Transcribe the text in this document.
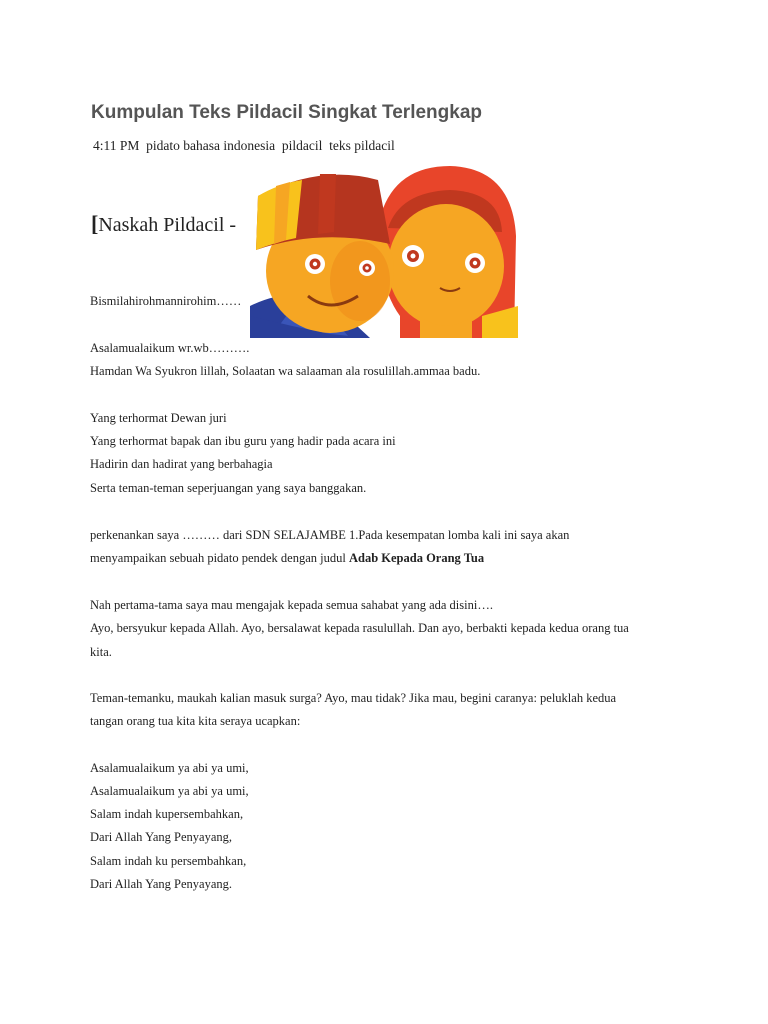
Kumpulan Teks Pildacil Singkat Terlengkap
4:11 PM pidato bahasa indonesia pildacil teks pildacil
[Naskah Pildacil -
Bismilahirohmannirohim……
Asalamualaikum wr.wb……….
Hamdan Wa Syukron lillah, Solaatan wa salaaman ala rosulillah.ammaa badu.
Yang terhormat Dewan juri
Yang terhormat bapak dan ibu guru yang hadir pada acara ini
Hadirin dan hadirat yang berbahagia
Serta teman-teman seperjuangan yang saya banggakan.
perkenankan saya ……… dari SDN SELAJAMBE 1.Pada kesempatan lomba kali ini saya akan
menyampaikan sebuah pidato pendek dengan judul Adab Kepada Orang Tua
Nah pertama-tama saya mau mengajak kepada semua sahabat yang ada disini….
Ayo, bersyukur kepada Allah. Ayo, bersalawat kepada rasulullah. Dan ayo, berbakti kepada kedua orang tua
kita.
Teman-temanku, maukah kalian masuk surga? Ayo, mau tidak? Jika mau, begini caranya: peluklah kedua
tangan orang tua kita kita seraya ucapkan:
Asalamualaikum ya abi ya umi,
Asalamualaikum ya abi ya umi,
Salam indah kupersembahkan,
Dari Allah Yang Penyayang,
Salam indah ku persembahkan,
Dari Allah Yang Penyayang.
